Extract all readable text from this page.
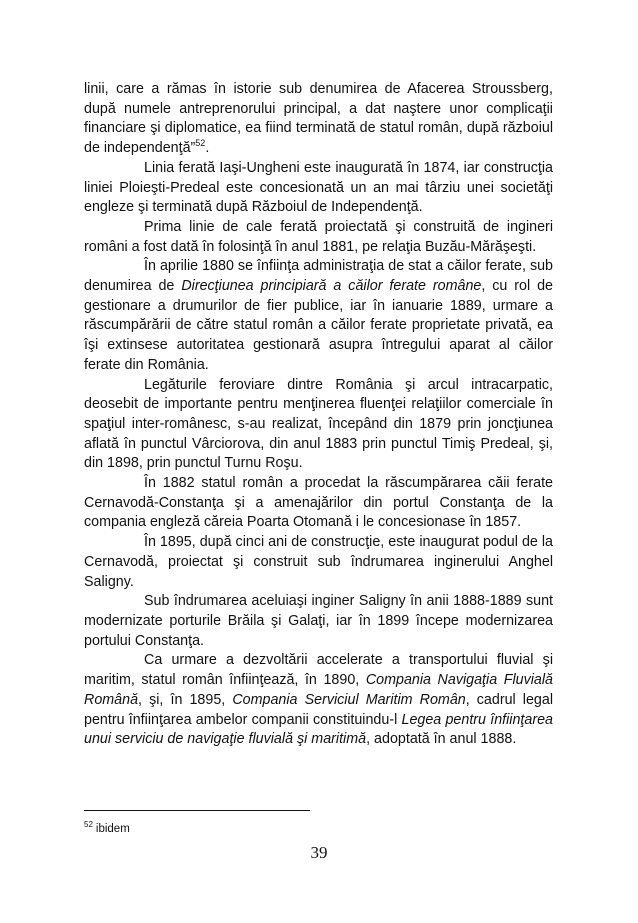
linii, care a rămas în istorie sub denumirea de Afacerea Stroussberg, după numele antreprenorului principal, a dat naştere unor complicaţii financiare şi diplomatice, ea fiind terminată de statul român, după războiul de independenţă”$^{52}$.

Linia ferată Iaşi-Ungheni este inaugurată în 1874, iar construcţia liniei Ploieşti-Predeal este concesionată un an mai târziu unei societăţi engleze şi terminată după Războiul de Independenţă.

Prima linie de cale ferată proiectată şi construită de ingineri români a fost dată în folosinţă în anul 1881, pe relaţia Buzău-Mărăşeşti.

În aprilie 1880 se înfiinţa administraţia de stat a căilor ferate, sub denumirea de Direcţiunea principiară a căilor ferate române, cu rol de gestionare a drumurilor de fier publice, iar în ianuarie 1889, urmare a răscumpărării de către statul român a căilor ferate proprietate privată, ea îşi extinsese autoritatea gestionară asupra întregului aparat al căilor ferate din România.

Legăturile feroviare dintre România şi arcul intracarpatic, deosebit de importante pentru menţinerea fluenţei relaţiilor comerciale în spaţiul inter-românesc, s-au realizat, începând din 1879 prin joncţiunea aflată în punctul Vârciorova, din anul 1883 prin punctul Timiş Predeal, şi, din 1898, prin punctul Turnu Roşu.

În 1882 statul român a procedat la răscumpărarea căii ferate Cernavodă-Constanţa şi a amenajărilor din portul Constanţa de la compania engleză căreia Poarta Otomană i le concesionase în 1857.

În 1895, după cinci ani de construcţie, este inaugurat podul de la Cernavodă, proiectat şi construit sub îndrumarea inginerului Anghel Saligny.

Sub îndrumarea aceluiaşi inginer Saligny în anii 1888-1889 sunt modernizate porturile Brăila şi Galaţi, iar în 1899 începe modernizarea portului Constanţa.

Ca urmare a dezvoltării accelerate a transportului fluvial şi maritim, statul român înfiinţează, în 1890, Compania Navigaţia Fluvială Română, şi, în 1895, Compania Serviciul Maritim Român, cadrul legal pentru înfiinţarea ambelor companii constituindu-l Legea pentru înfiinţarea unui serviciu de navigaţie fluvială şi maritimă, adoptată în anul 1888.

$^{52}$ ibidem
39
